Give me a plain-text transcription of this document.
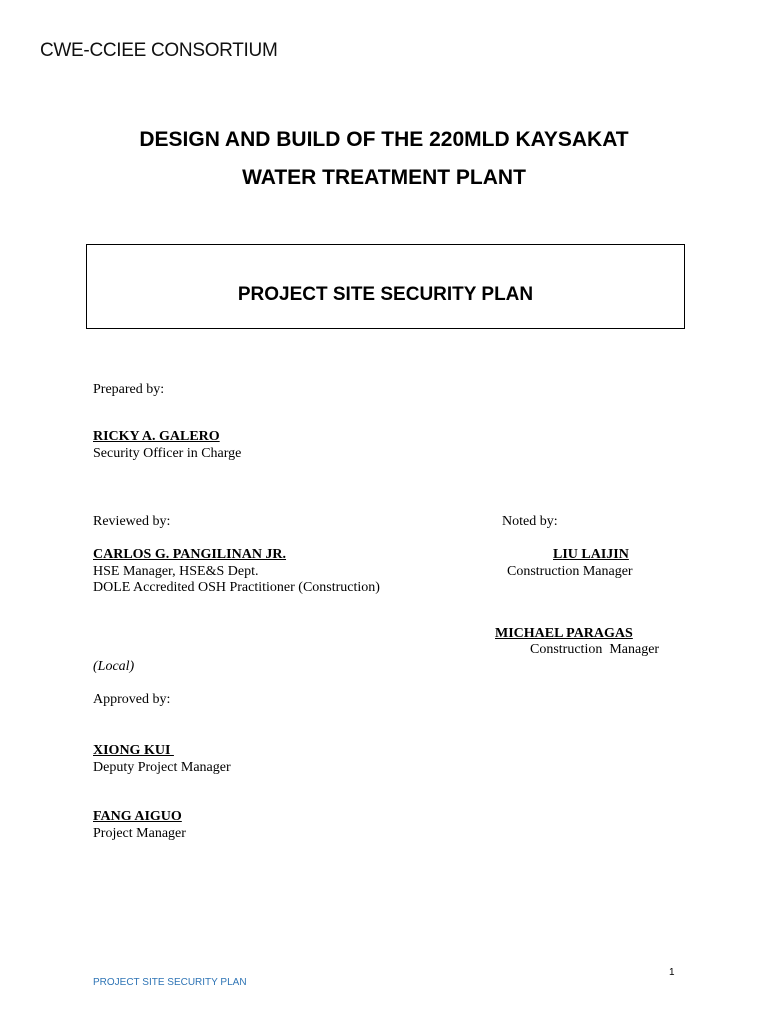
CWE-CCIEE CONSORTIUM
DESIGN AND BUILD OF THE 220MLD KAYSAKAT
WATER TREATMENT PLANT
PROJECT SITE SECURITY PLAN
Prepared by:
RICKY A. GALERO
Security Officer in Charge
Reviewed by:
CARLOS G. PANGILINAN JR.
HSE Manager, HSE&S Dept.
DOLE Accredited OSH Practitioner (Construction)
(Local)
Noted by:
LIU LAIJIN
Construction Manager
MICHAEL PARAGAS
Construction  Manager
Approved by:
XIONG KUI
Deputy Project Manager
FANG AIGUO
Project Manager
1
PROJECT SITE SECURITY PLAN
